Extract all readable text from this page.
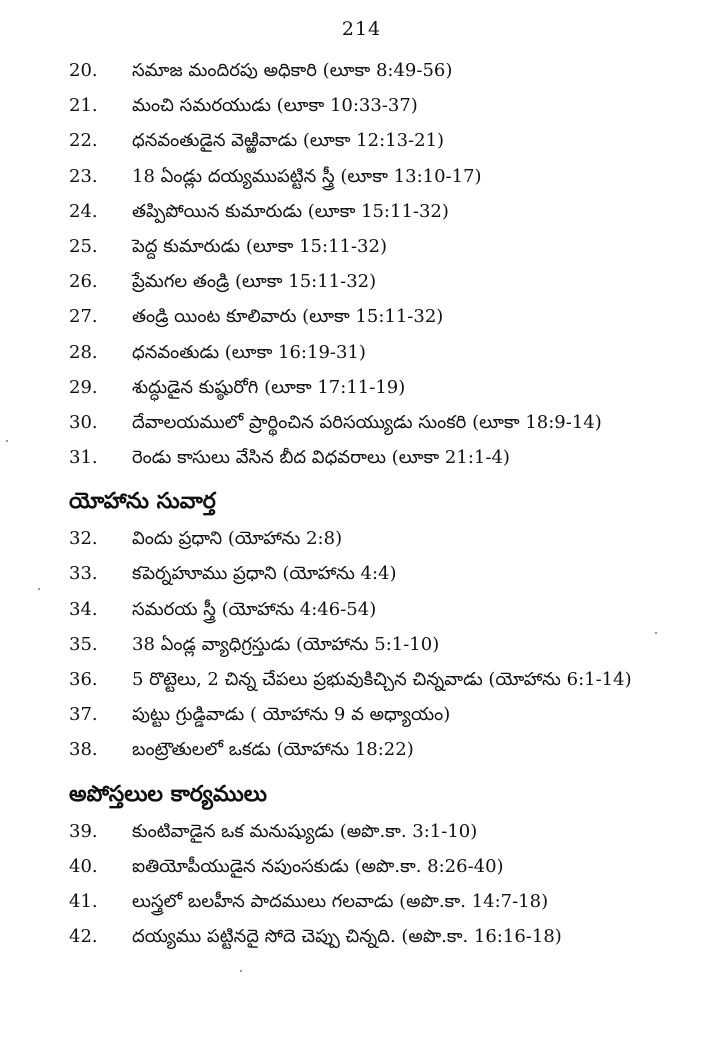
214
20. సమాజ మందిరపు అధికారి (లూకా 8:49-56)
21. మంచి సమరయుడు (లూకా 10:33-37)
22. ధనవంతుడైన వెఱ్ఱివాడు (లూకా 12:13-21)
23. 18 ఏండ్లు దయ్యముపట్టిన స్త్రీ (లూకా 13:10-17)
24. తప్పిపోయిన కుమారుడు (లూకా 15:11-32)
25. పెద్ద కుమారుడు (లూకా 15:11-32)
26. ప్రేమగల తండ్రి (లూకా 15:11-32)
27. తండ్రి యింట కూలివారు (లూకా 15:11-32)
28. ధనవంతుడు (లూకా 16:19-31)
29. శుద్ధుడైన కుష్ఠురోగి (లూకా 17:11-19)
30. దేవాలయములో ప్రార్థించిన పరిసయ్యుడు సుంకరి (లూకా 18:9-14)
31. రెండు కాసులు వేసిన బీద విధవరాలు (లూకా 21:1-4)
యోహాను సువార్త
32. విందు ప్రధాని (యోహాను 2:8)
33. కపెర్నహూము ప్రధాని (యోహాను 4:4)
34. సమరయ స్త్రీ (యోహాను 4:46-54)
35. 38 ఏండ్ల వ్యాధిగ్రస్తుడు (యోహాను 5:1-10)
36. 5 రొట్టెలు, 2 చిన్న చేపలు ప్రభువుకిచ్చిన చిన్నవాడు (యోహాను 6:1-14)
37. పుట్టు గ్రుడ్డివాడు ( యోహాను 9 వ అధ్యాయం)
38. బంట్రౌతులలో ఒకడు (యోహాను 18:22)
అపోస్తలుల కార్యములు
39. కుంటివాడైన ఒక మనుష్యుడు (అపొ.కా. 3:1-10)
40. ఐతియోపీయుడైన నపుంసకుడు (అపొ.కా. 8:26-40)
41. లుస్త్రలో బలహీన పాదములు గలవాడు (అపొ.కా. 14:7-18)
42. దయ్యము పట్టినదై సోదె చెప్పు చిన్నది. (అపొ.కా. 16:16-18)
